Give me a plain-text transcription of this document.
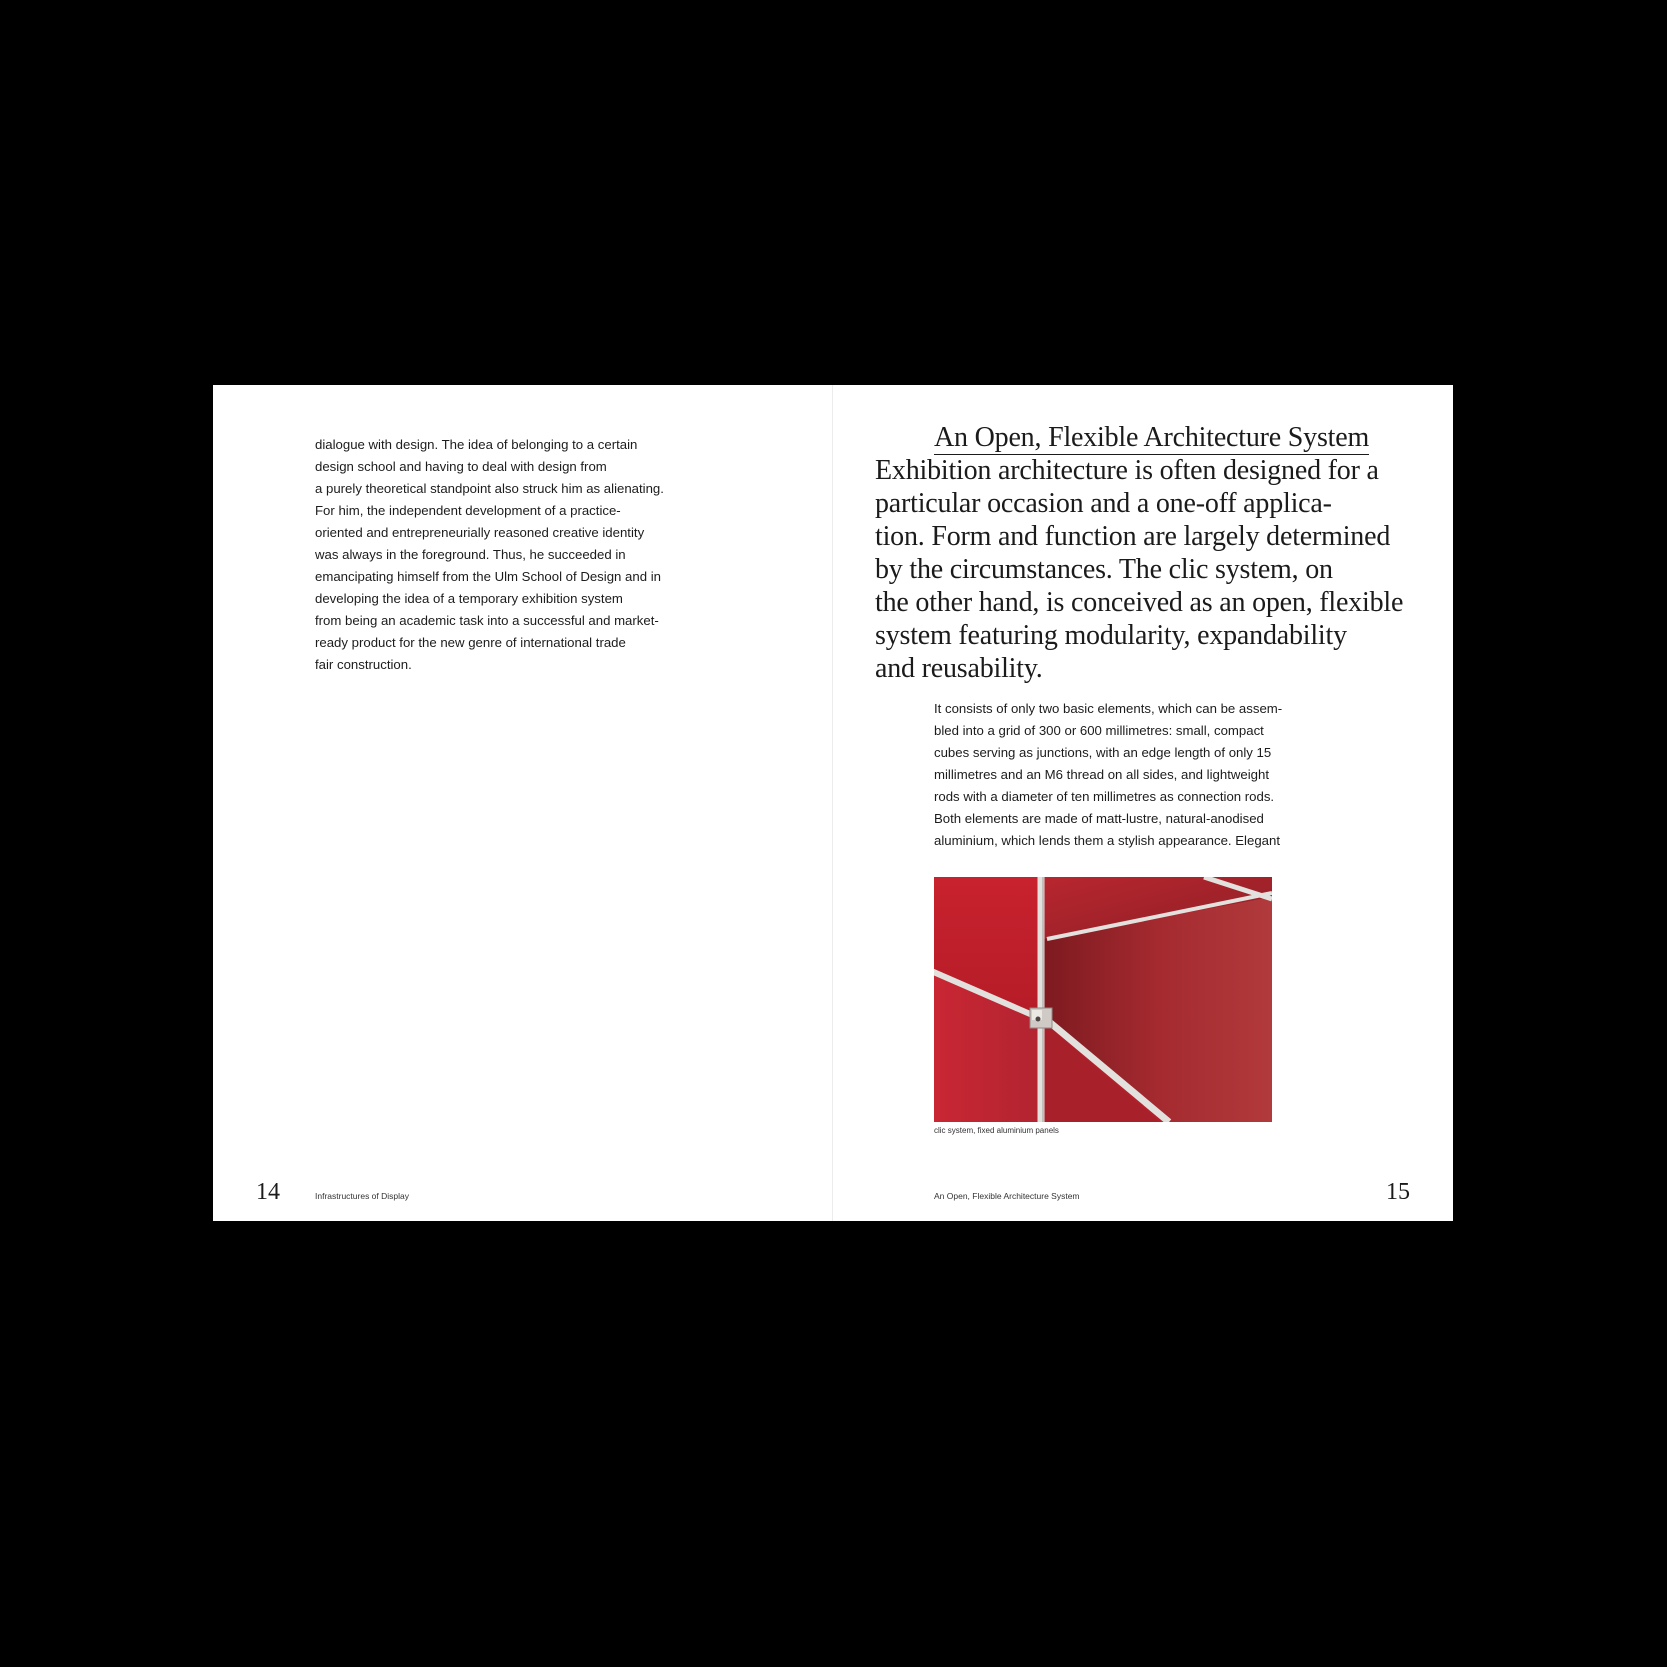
dialogue with design. The idea of belonging to a certain
design school and having to deal with design from
a purely theoretical standpoint also struck him as alienating.
For him, the independent development of a practice-
oriented and entrepreneurially reasoned creative identity
was always in the foreground. Thus, he succeeded in
emancipating himself from the Ulm School of Design and in
developing the idea of a temporary exhibition system
from being an academic task into a successful and market-
ready product for the new genre of international trade
fair construction.
14	Infrastructures of Display
An Open, Flexible Architecture System
Exhibition architecture is often designed for a
particular occasion and a one-off applica-
tion. Form and function are largely determined
by the circumstances. The clic system, on
the other hand, is conceived as an open, flexible
system featuring modularity, expandability
and reusability.
It consists of only two basic elements, which can be assem-
bled into a grid of 300 or 600 millimetres: small, compact
cubes serving as junctions, with an edge length of only 15
millimetres and an M6 thread on all sides, and lightweight
rods with a diameter of ten millimetres as connection rods.
Both elements are made of matt-lustre, natural-anodised
aluminium, which lends them a stylish appearance. Elegant
clic system, fixed aluminium panels
An Open, Flexible Architecture System	15
